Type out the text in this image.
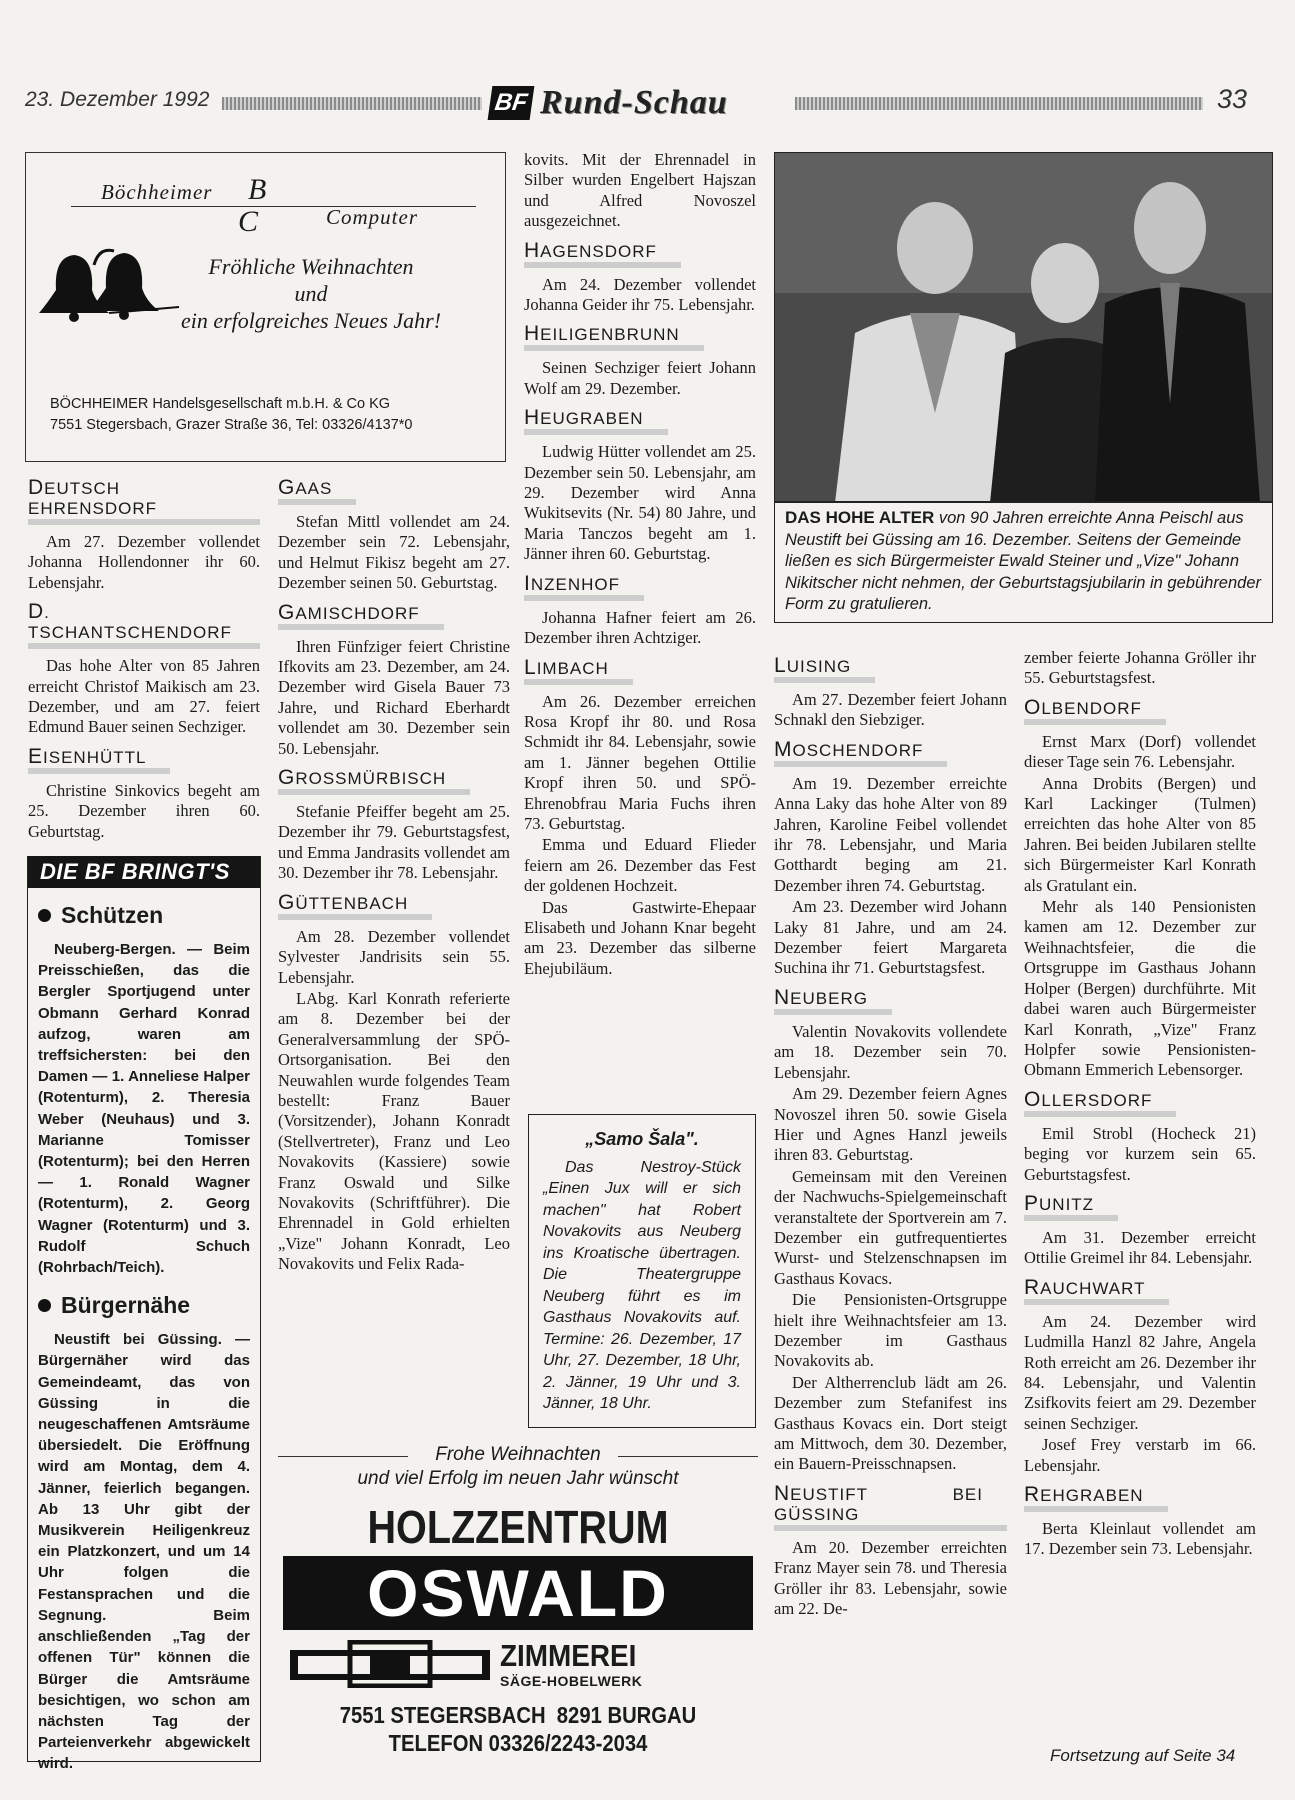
23. Dezember 1992	BF Rund-Schau	33
Böchheimer B
C	Computer
Fröhliche Weihnachten
und
ein erfolgreiches Neues Jahr!
BÖCHHEIMER Handelsgesellschaft m.b.H. & Co KG
7551 Stegersbach, Grazer Straße 36, Tel: 03326/4137*0
DEUTSCH EHRENSDORF

Am 27. Dezember vollendet Johanna Hollendonner ihr 60. Lebensjahr.

D. TSCHANTSCHENDORF

Das hohe Alter von 85 Jahren erreicht Christof Maikisch am 23. Dezember, und am 27. feiert Edmund Bauer seinen Sechziger.

EISENHÜTTL

Christine Sinkovics begeht am 25. Dezember ihren 60. Geburtstag.

DIE BF BRINGT'S
Schützen
Neuberg-Bergen. — Beim Preisschießen, das die Bergler Sportjugend unter Obmann Gerhard Konrad aufzog, waren am treffsichersten: bei den Damen — 1. Anneliese Halper (Rotenturm), 2. Theresia Weber (Neuhaus) und 3. Marianne Tomisser (Rotenturm); bei den Herren — 1. Ronald Wagner (Rotenturm), 2. Georg Wagner (Rotenturm) und 3. Rudolf Schuch (Rohrbach/Teich).
Bürgernähe
Neustift bei Güssing. — Bürgernäher wird das Gemeindeamt, das von Güssing in die neugeschaffenen Amtsräume übersiedelt. Die Eröffnung wird am Montag, dem 4. Jänner, feierlich begangen. Ab 13 Uhr gibt der Musikverein Heiligenkreuz ein Platzkonzert, und um 14 Uhr folgen die Festansprachen und die Segnung. Beim anschließenden „Tag der offenen Tür" können die Bürger die Amtsräume besichtigen, wo schon am nächsten Tag der Parteienverkehr abgewickelt wird.
GAAS

Stefan Mittl vollendet am 24. Dezember sein 72. Lebensjahr, und Helmut Fikisz begeht am 27. Dezember seinen 50. Geburtstag.

GAMISCHDORF

Ihren Fünfziger feiert Christine Ifkovits am 23. Dezember, am 24. Dezember wird Gisela Bauer 73 Jahre, und Richard Eberhardt vollendet am 30. Dezember sein 50. Lebensjahr.

GROSSMÜRBISCH

Stefanie Pfeiffer begeht am 25. Dezember ihr 79. Geburtstagsfest, und Emma Jandrasits vollendet am 30. Dezember ihr 78. Lebensjahr.

GÜTTENBACH

Am 28. Dezember vollendet Sylvester Jandrisits sein 55. Lebensjahr.

LAbg. Karl Konrath referierte am 8. Dezember bei der Generalversammlung der SPÖ-Ortsorganisation. Bei den Neuwahlen wurde folgendes Team bestellt: Franz Bauer (Vorsitzender), Johann Konradt (Stellvertreter), Franz und Leo Novakovits (Kassiere) sowie Franz Oswald und Silke Novakovits (Schriftführer). Die Ehrennadel in Gold erhielten „Vize" Johann Konradt, Leo Novakovits und Felix Rada-

kovits. Mit der Ehrennadel in Silber wurden Engelbert Hajszan und Alfred Novoszel ausgezeichnet.

HAGENSDORF

Am 24. Dezember vollendet Johanna Geider ihr 75. Lebensjahr.

HEILIGENBRUNN

Seinen Sechziger feiert Johann Wolf am 29. Dezember.

HEUGRABEN

Ludwig Hütter vollendet am 25. Dezember sein 50. Lebensjahr, am 29. Dezember wird Anna Wukitsevits (Nr. 54) 80 Jahre, und Maria Tanczos begeht am 1. Jänner ihren 60. Geburtstag.

INZENHOF

Johanna Hafner feiert am 26. Dezember ihren Achtziger.

LIMBACH

Am 26. Dezember erreichen Rosa Kropf ihr 80. und Rosa Schmidt ihr 84. Lebensjahr, sowie am 1. Jänner begehen Ottilie Kropf ihren 50. und SPÖ-Ehrenobfrau Maria Fuchs ihren 73. Geburtstag.

Emma und Eduard Flieder feiern am 26. Dezember das Fest der goldenen Hochzeit.

Das Gastwirte-Ehepaar Elisabeth und Johann Knar begeht am 23. Dezember das silberne Ehejubiläum.

„Samo Šala".
Das Nestroy-Stück „Einen Jux will er sich machen" hat Robert Novakovits aus Neuberg ins Kroatische übertragen. Die Theatergruppe Neuberg führt es im Gasthaus Novakovits auf. Termine: 26. Dezember, 17 Uhr, 27. Dezember, 18 Uhr, 2. Jänner, 19 Uhr und 3. Jänner, 18 Uhr.
Frohe Weihnachten
und viel Erfolg im neuen Jahr wünscht
HOLZZENTRUM
OSWALD
ZIMMEREI
SÄGE-HOBELWERK
7551 STEGERSBACH  8291 BURGAU
TELEFON 03326/2243-2034
DAS HOHE ALTER von 90 Jahren erreichte Anna Peischl aus Neustift bei Güssing am 16. Dezember. Seitens der Gemeinde ließen es sich Bürgermeister Ewald Steiner und „Vize" Johann Nikitscher nicht nehmen, der Geburtstagsjubilarin in gebührender Form zu gratulieren.
LUISING

Am 27. Dezember feiert Johann Schnakl den Siebziger.

MOSCHENDORF

Am 19. Dezember erreichte Anna Laky das hohe Alter von 89 Jahren, Karoline Feibel vollendet ihr 78. Lebensjahr, und Maria Gotthardt beging am 21. Dezember ihren 74. Geburtstag.

Am 23. Dezember wird Johann Laky 81 Jahre, und am 24. Dezember feiert Margareta Suchina ihr 71. Geburtstagsfest.

NEUBERG

Valentin Novakovits vollendete am 18. Dezember sein 70. Lebensjahr.

Am 29. Dezember feiern Agnes Novoszel ihren 50. sowie Gisela Hier und Agnes Hanzl jeweils ihren 83. Geburtstag.

Gemeinsam mit den Vereinen der Nachwuchs-Spielgemeinschaft veranstaltete der Sportverein am 7. Dezember ein gutfrequentiertes Wurst- und Stelzenschnapsen im Gasthaus Kovacs.

Die Pensionisten-Ortsgruppe hielt ihre Weihnachtsfeier am 13. Dezember im Gasthaus Novakovits ab.

Der Altherrenclub lädt am 26. Dezember zum Stefanifest ins Gasthaus Kovacs ein. Dort steigt am Mittwoch, dem 30. Dezember, ein Bauern-Preisschnapsen.

NEUSTIFT BEI GÜSSING

Am 20. Dezember erreichten Franz Mayer sein 78. und Theresia Gröller ihr 83. Lebensjahr, sowie am 22. De-

zember feierte Johanna Gröller ihr 55. Geburtstagsfest.

OLBENDORF

Ernst Marx (Dorf) vollendet dieser Tage sein 76. Lebensjahr.

Anna Drobits (Bergen) und Karl Lackinger (Tulmen) erreichten das hohe Alter von 85 Jahren. Bei beiden Jubilaren stellte sich Bürgermeister Karl Konrath als Gratulant ein.

Mehr als 140 Pensionisten kamen am 12. Dezember zur Weihnachtsfeier, die die Ortsgruppe im Gasthaus Johann Holper (Bergen) durchführte. Mit dabei waren auch Bürgermeister Karl Konrath, „Vize" Franz Holpfer sowie Pensionisten-Obmann Emmerich Lebensorger.

OLLERSDORF

Emil Strobl (Hocheck 21) beging vor kurzem sein 65. Geburtstagsfest.

PUNITZ

Am 31. Dezember erreicht Ottilie Greimel ihr 84. Lebensjahr.

RAUCHWART

Am 24. Dezember wird Ludmilla Hanzl 82 Jahre, Angela Roth erreicht am 26. Dezember ihr 84. Lebensjahr, und Valentin Zsifkovits feiert am 29. Dezember seinen Sechziger.

Josef Frey verstarb im 66. Lebensjahr.

REHGRABEN

Berta Kleinlaut vollendet am 17. Dezember sein 73. Lebensjahr.

Fortsetzung auf Seite 34
